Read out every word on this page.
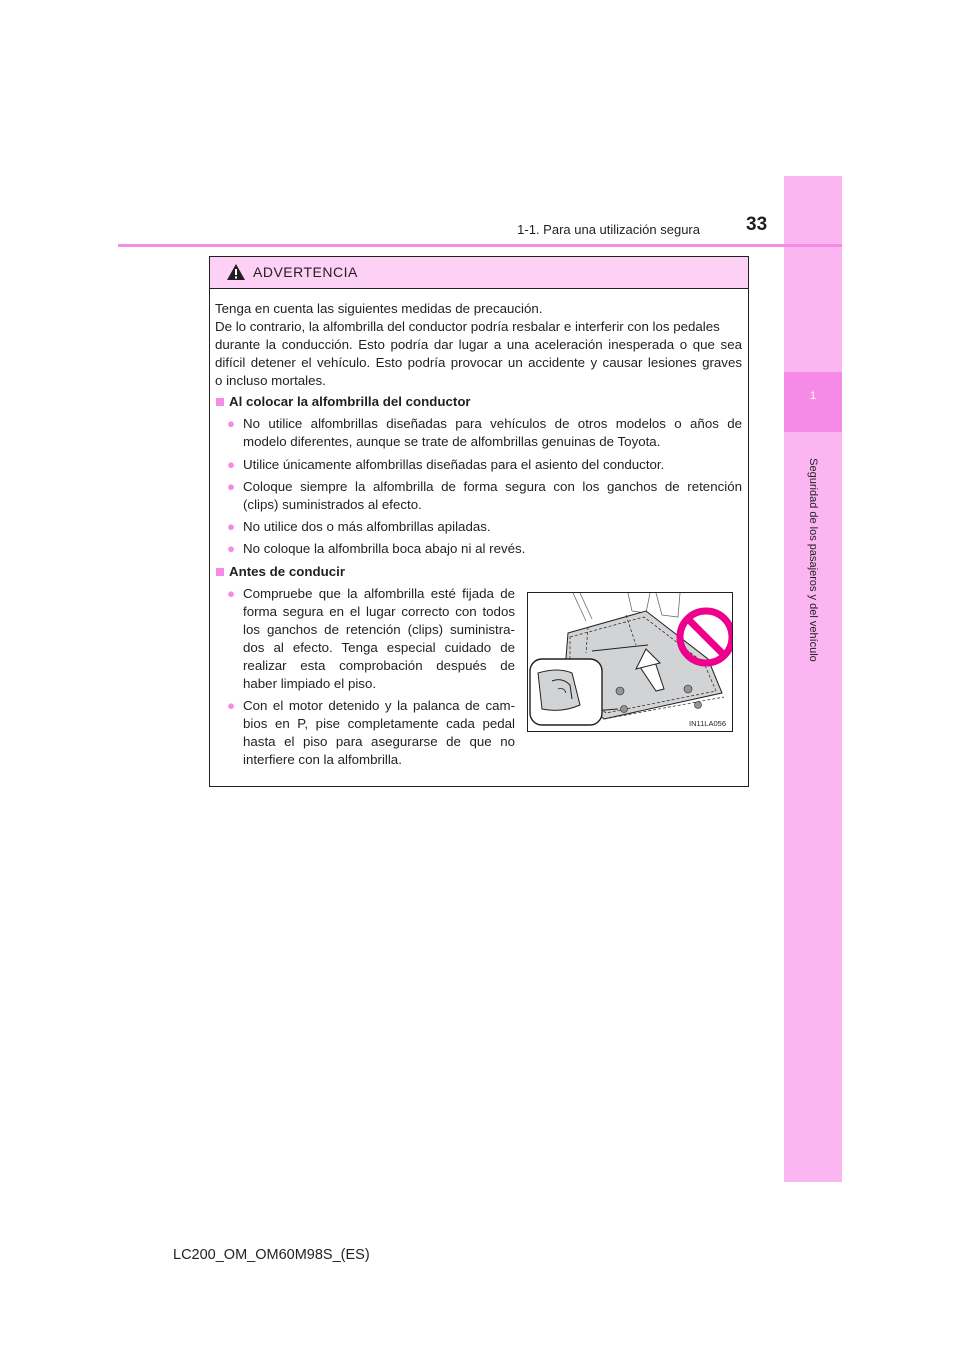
1
Seguridad de los pasajeros y del vehículo
1-1. Para una utilización segura 33
ADVERTENCIA
Tenga en cuenta las siguientes medidas de precaución.
De lo contrario, la alfombrilla del conductor podría resbalar e interferir con los pedales
durante la conducción. Esto podría dar lugar a una aceleración inesperada o que sea
difícil detener el vehículo. Esto podría provocar un accidente y causar lesiones graves
o incluso mortales.
Al colocar la alfombrilla del conductor
● No utilice alfombrillas diseñadas para vehículos de otros modelos o años de
modelo diferentes, aunque se trate de alfombrillas genuinas de Toyota.
● Utilice únicamente alfombrillas diseñadas para el asiento del conductor.
● Coloque siempre la alfombrilla de forma segura con los ganchos de retención
(clips) suministrados al efecto.
● No utilice dos o más alfombrillas apiladas.
● No coloque la alfombrilla boca abajo ni al revés.
Antes de conducir
● Compruebe que la alfombrilla esté fijada de
forma segura en el lugar correcto con todos
los ganchos de retención (clips) suministra-
dos al efecto. Tenga especial cuidado de
realizar esta comprobación después de
haber limpiado el piso.
● Con el motor detenido y la palanca de cam-
bios en P, pise completamente cada pedal
hasta el piso para asegurarse de que no
interfiere con la alfombrilla.
IN11LA056
LC200_OM_OM60M98S_(ES)
